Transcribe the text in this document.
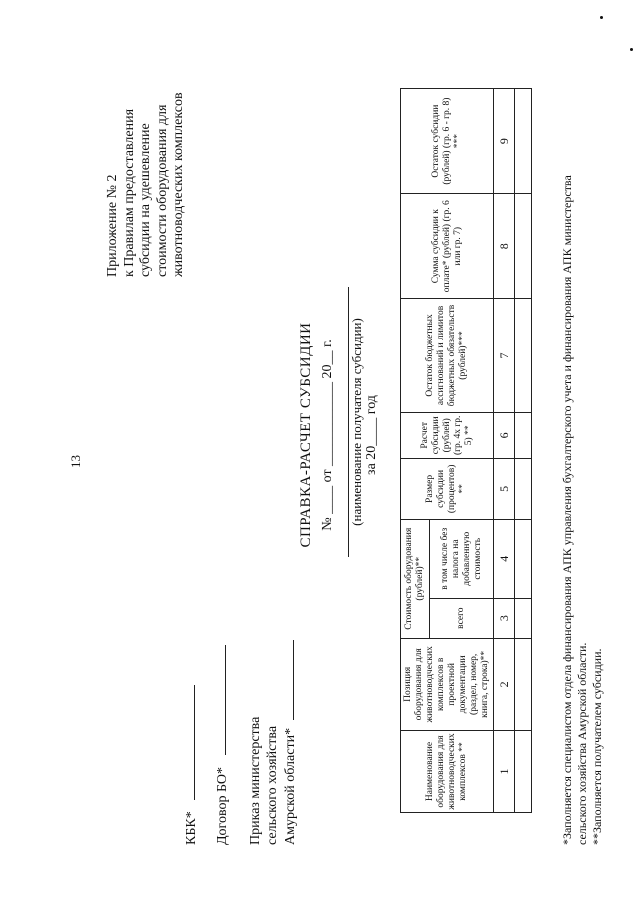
13
Приложение № 2 к Правилам предоставления субсидии на удешевление стоимости оборудования для животноводческих комплексов
КБК* Договор БО* Приказ министерства сельского хозяйства Амурской области*
СПРАВКА-РАСЧЕТ СУБСИДИИ № ____ от ____________ 20__ г. (наименование получателя субсидии) за 20____ год
Наименование оборудования для животноводческих комплексов **	Позиция оборудования для животноводческих комплексов в проектной документации (раздел, номер, книга, строка)**	Стоимость оборудования (рублей)**		Размер субсидии (процентов) **	Расчет субсидии (рублей) (гр. 4x гр. 5) **	Остаток бюджетных ассигнований и лимитов бюджетных обязательств (рублей)***	Сумма субсидии к оплате* (рублей) (гр. 6 или гр. 7)	Остаток субсидии (рублей) (гр. 6 - гр. 8) ***
		всего	в том числе без налога на добавленную стоимость					
1	2	3	4	5	6	7	8	9

*Заполняется специалистом отдела финансирования АПК управления бухгалтерского учета и финансирования АПК министерства сельского хозяйства Амурской области. **Заполняется получателем субсидии.
